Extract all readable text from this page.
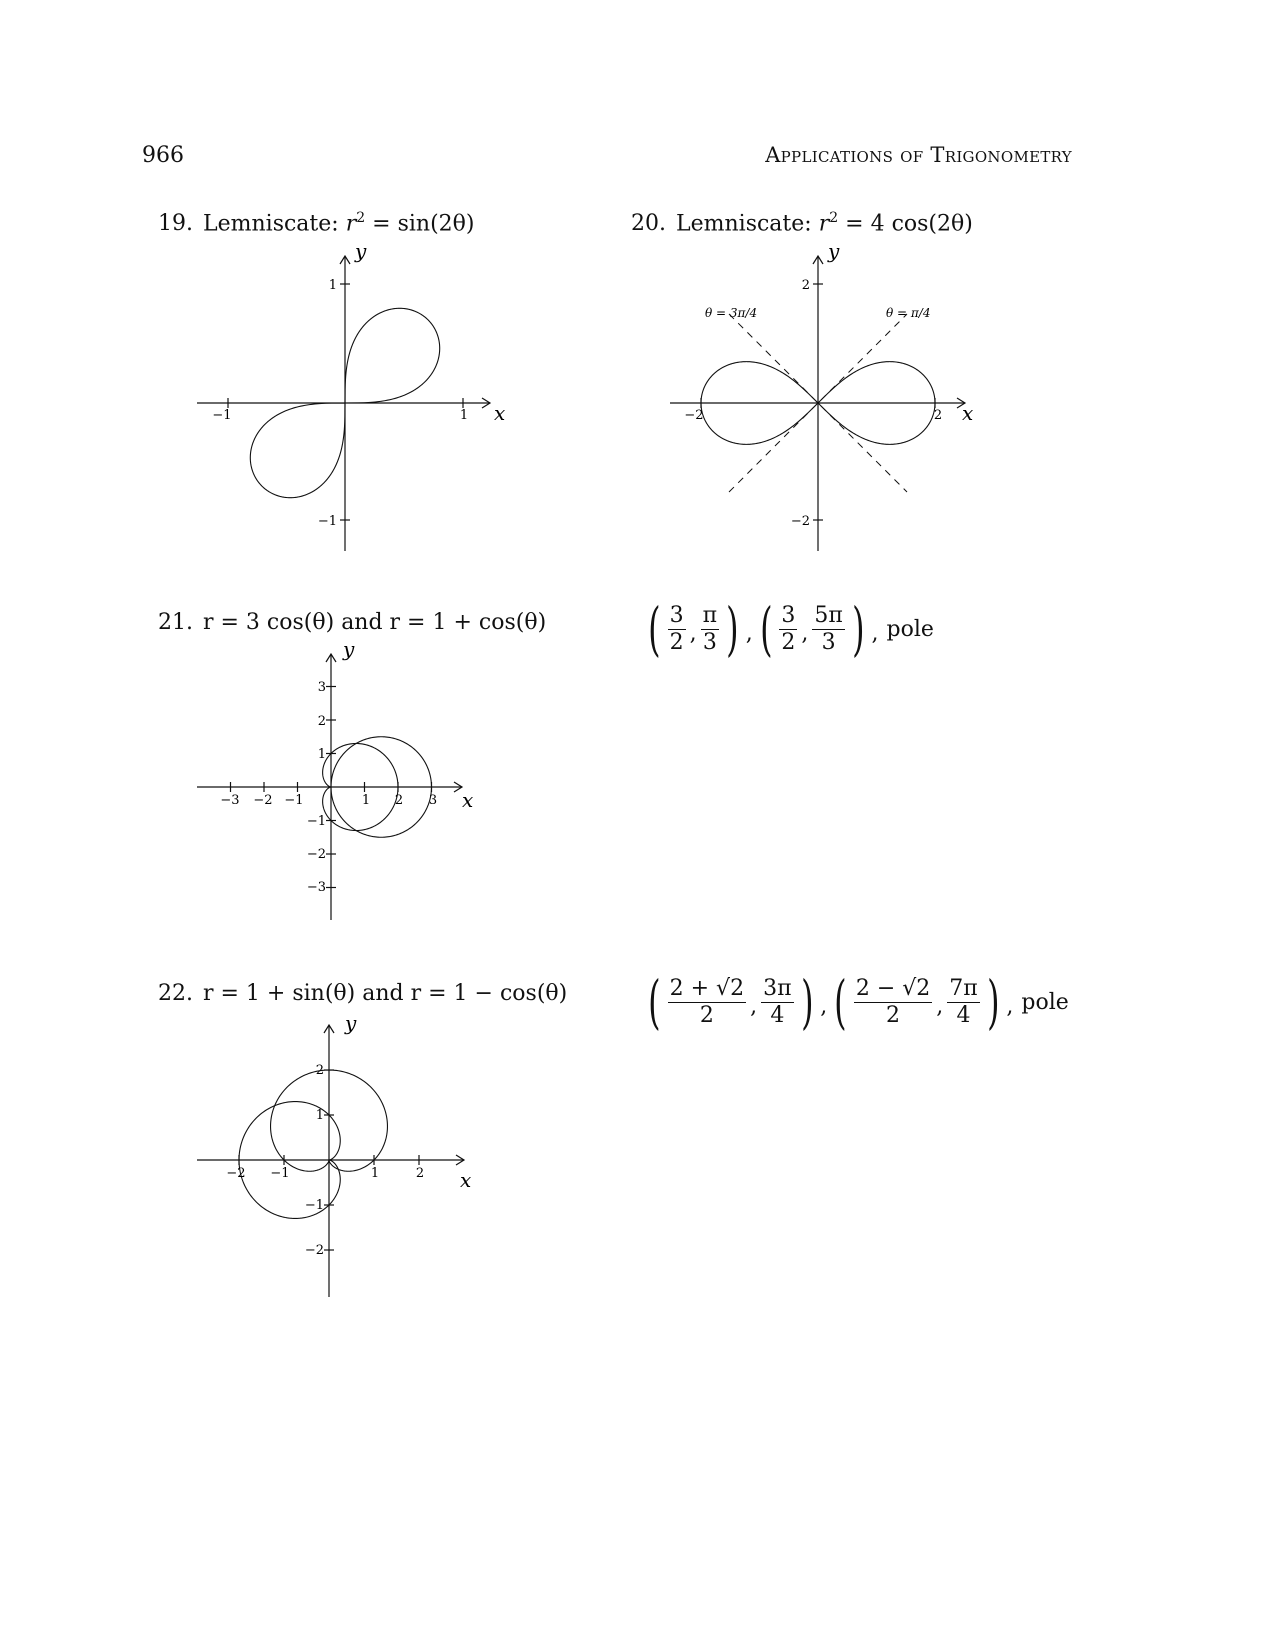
966	Applications of Trigonometry
19. Lemniscate: $r^2 = \sin(2\theta)$
−1	1
1
−1
x
y
20. Lemniscate: $r^2 = 4$ cos(2θ)
−2	2
2
−2
x
y
θ = 3π/4	θ = π/4
21. r = 3 cos(θ) and r = 1 + cos(θ)
−3 −2 −1	1 2 3
3
2
1
−1
−2
−3
x
y	( $\frac{3}{2}$ , $\frac{\pi}{3}$ ) , ( $\frac{3}{2}$ , $\frac{5\pi}{3}$ ) , pole
22. r = 1 + sin(θ) and r = 1 − cos(θ)
−2 −1	1	2
2
1
−1
−2
x
y	( $\frac{2 + √2}{2}$ , $\frac{3\pi}{4}$ ) , ( $\frac{2 - √2}{2}$ , $\frac{7\pi}{4}$ ) , pole
